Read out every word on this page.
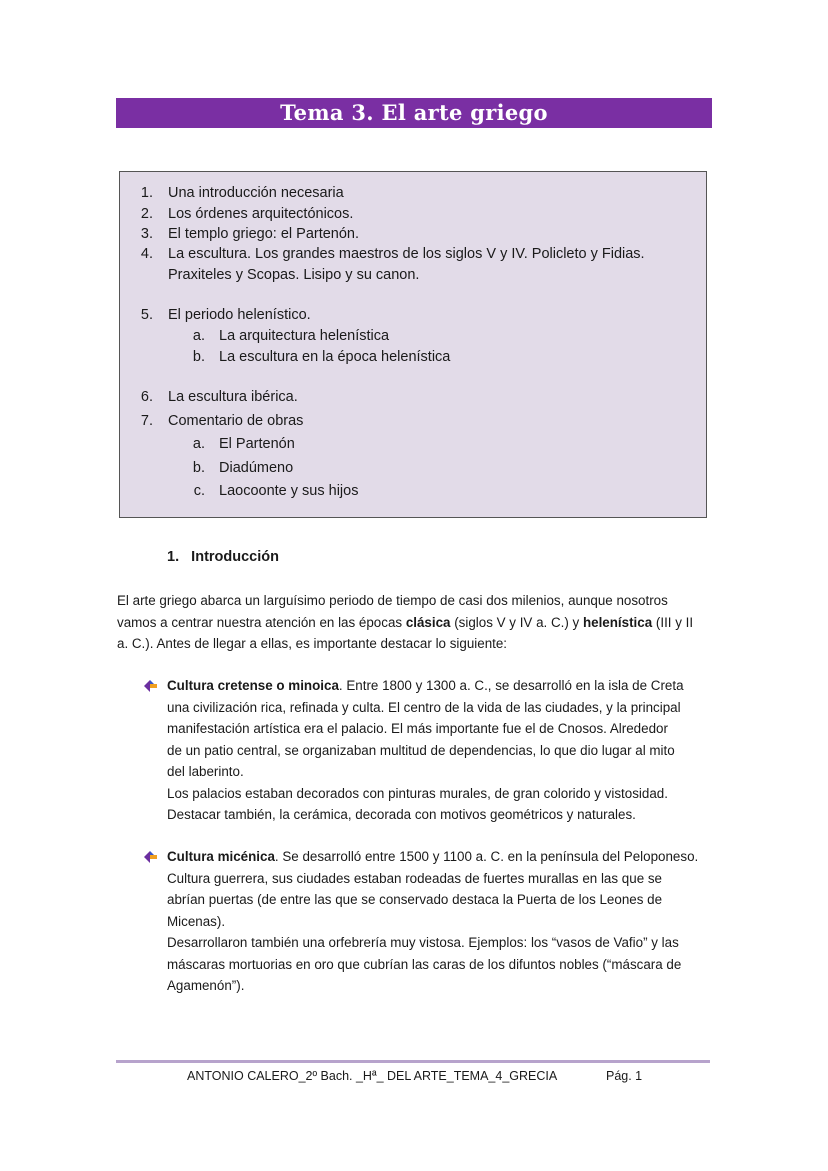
Tema 3. El arte griego
1. Una introducción necesaria
2. Los órdenes arquitectónicos.
3. El templo griego: el Partenón.
4. La escultura. Los grandes maestros de los siglos V y IV. Policleto y Fidias.
Praxiteles y Scopas. Lisipo y su canon.
5. El periodo helenístico.
a. La arquitectura helenística
b. La escultura en la época helenística
6. La escultura ibérica.
7. Comentario de obras
a. El Partenón
b. Diadúmeno
c. Laocoonte y sus hijos
1.   Introducción
El arte griego abarca un larguísimo periodo de tiempo de casi dos milenios, aunque nosotros
vamos a centrar nuestra atención en las épocas clásica (siglos V y IV a. C.) y helenística (III y II
a. C.). Antes de llegar a ellas, es importante destacar lo siguiente:
Cultura cretense o minoica. Entre 1800 y 1300 a. C., se desarrolló en la isla de Creta
una civilización rica, refinada y culta. El centro de la vida de las ciudades, y la principal
manifestación artística era el palacio. El más importante fue el de Cnosos. Alrededor
de un patio central, se organizaban multitud de dependencias, lo que dio lugar al mito
del laberinto.
Los palacios estaban decorados con pinturas murales, de gran colorido y vistosidad.
Destacar también, la cerámica, decorada con motivos geométricos y naturales.
Cultura micénica. Se desarrolló entre 1500 y 1100 a. C. en la península del Peloponeso.
Cultura guerrera, sus ciudades estaban rodeadas de fuertes murallas en las que se
abrían puertas (de entre las que se conservado destaca la Puerta de los Leones de
Micenas).
Desarrollaron también una orfebrería muy vistosa. Ejemplos: los “vasos de Vafio” y las
máscaras mortuorias en oro que cubrían las caras de los difuntos nobles (“máscara de
Agamenón”).
ANTONIO CALERO_2º Bach. _Hª_ DEL ARTE_TEMA_4_GRECIA	Pág. 1
